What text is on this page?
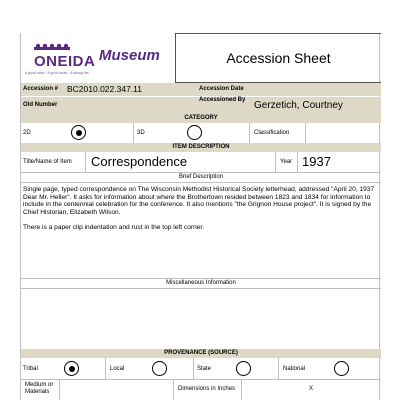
ONEIDA
A good mind · A good heart · A strong fire
Museum	Accession Sheet
Accession # BC2010.022.347.11	Accession Date
Old Number
Accessioned By Gerzetich, Courtney
CATEGORY
2D	3D	Classification
ITEM DESCRIPTION
Title/Name of Item Correspondence	Year 1937
Brief Description

Single page, typed correspondence on The Wisconsin Methodist Historical Society letterhead, addressed "April 20, 1937 Dear Mr. Heller". It asks for information about where the Brothertown resided between 1823 and 1834 for information to include in the centennial celebration for the conference. It also mentions "the Grignon House project". It is signed by the Chief Historian, Elizabeth Wilson.

There is a paper clip indentation and rust in the top left corner.

Miscellaneous Information
PROVENANCE (SOURCE)
Tribal	Local	State	National
Medium or Materials	Dimensions in Inches	X
